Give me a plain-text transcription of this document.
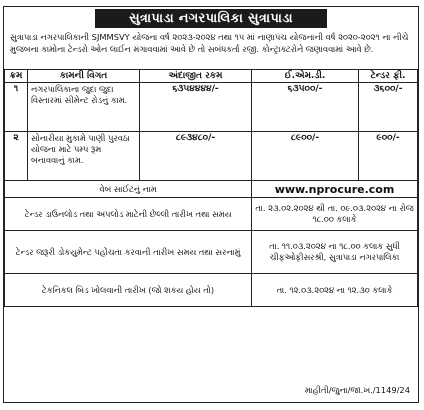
સુત્રાપાડા નગરપાલિકા સુત્રાપાડા
સુત્રાપાડા નગરપાલિકાની SJMMSVY યોજના વર્ષ ૨૦૨૩-૨૦૨૪ તથા ૧૫ માં નાણાપંચ યોજનાની વર્ષ ૨૦૨૦-૨૦૨૧ ના નીચે મુજબના કામોના ટેન્ડરો ઓન લાઈન મંગાવવામાં આવે છે તો સબંધકર્તા રજી. કોન્ટ્રાક્ટરોને જણાવવામાં આવે છે.
ક્રમ	કામની વિગત	અંદાજીત રકમ	ઈ.એમ.ડી.	ટેન્ડર ફી.
૧	નગરપાલિકાના જુદા જુદા વિસ્તારમાં સીમેન્ટ રોડનું કામ.	૬૩૫૪૪૪૪/-	૬૩૫૦૦/-	૩૬૦૦/-
૨	સોનારીયા મુકામે પાણી પુરવઠા યોજના માટે પમ્પ રૂમ બનાવવાનું કામ.	૮૯૩૪૮૦/-	૮૯૦૦/-	૯૦૦/-
વેબ સાઈટનું નામ			www.nprocure.com	
ટેન્ડર ડાઉનલોડ તથા અપલોડ માટેની છેલ્લી તારીખ તથા સમય			તા. ૨૩.૦૨.૨૦૨૪ થી તા. ૦૯.૦૩.૨૦૨૪ ના રોજ ૧૮.૦૦ કલાકે	
ટેન્ડર જરૂરી ડોકયુમેન્ટ પહોંચતા કરવાની તારીખ સમય તથા સરનામું			તા. ૧૧.૦૩.૨૦૨૪ ના ૧૮.૦૦ કલાક સુધી ચીફઓફીસરશ્રી, સુત્રાપાડા નગરપાલિકા	
ટેકનિકલ બિડ ખોલવાની તારીખ (જો શકય હોય તો)			તા. ૧૨.૦૩.૨૦૨૪ ના ૧૨.૩૦ કલાકે	
માહીતી/જુના/જા.ખ./1149/24
